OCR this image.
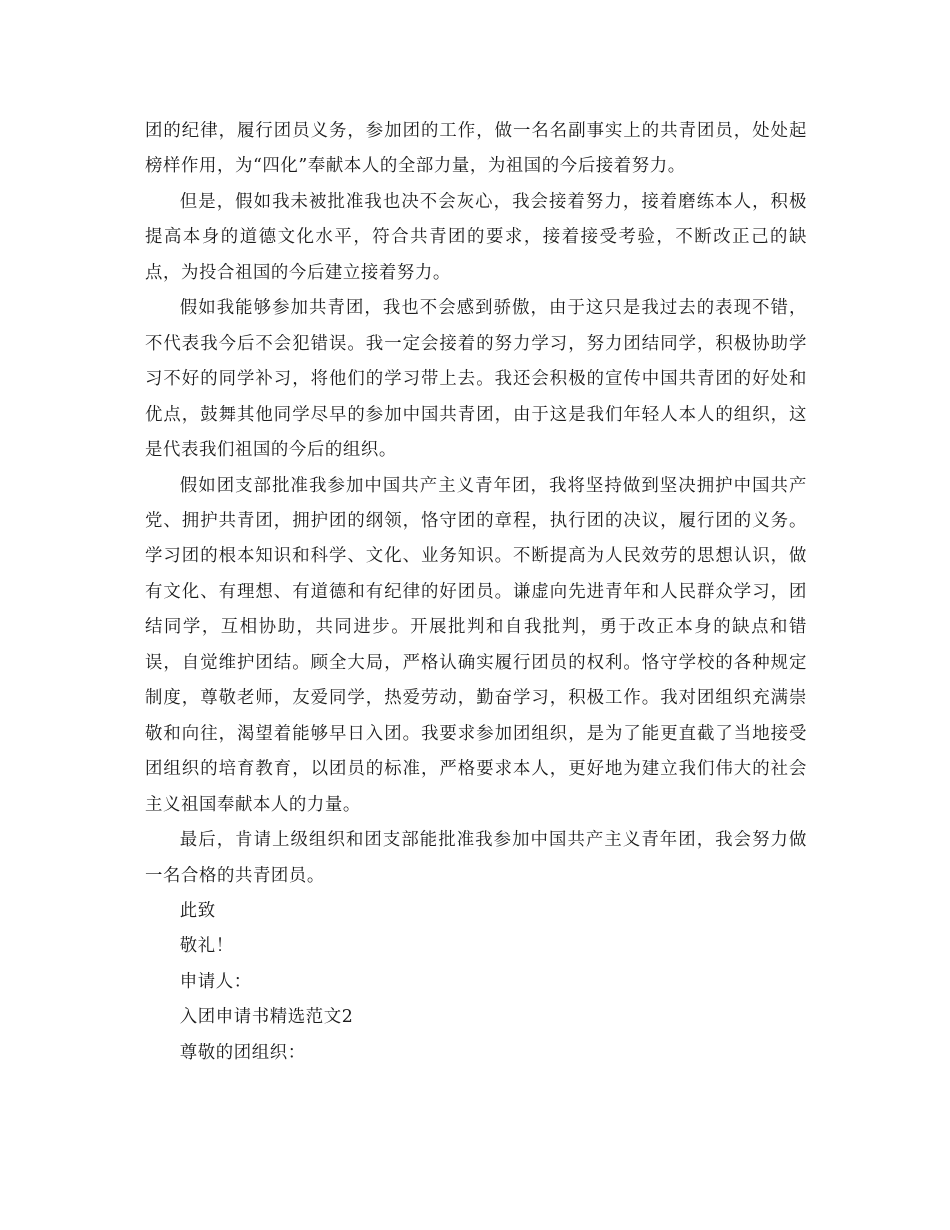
团的纪律，履行团员义务，参加团的工作，做一名名副事实上的共青团员，处处起榜样作用，为“四化”奉献本人的全部力量，为祖国的今后接着努力。

但是，假如我未被批准我也决不会灰心，我会接着努力，接着磨练本人，积极提高本身的道德文化水平，符合共青团的要求，接着接受考验，不断改正己的缺点，为投合祖国的今后建立接着努力。

假如我能够参加共青团，我也不会感到骄傲，由于这只是我过去的表现不错，不代表我今后不会犯错误。我一定会接着的努力学习，努力团结同学，积极协助学习不好的同学补习，将他们的学习带上去。我还会积极的宣传中国共青团的好处和优点，鼓舞其他同学尽早的参加中国共青团，由于这是我们年轻人本人的组织，这是代表我们祖国的今后的组织。

假如团支部批准我参加中国共产主义青年团，我将坚持做到坚决拥护中国共产党、拥护共青团，拥护团的纲领，恪守团的章程，执行团的决议，履行团的义务。学习团的根本知识和科学、文化、业务知识。不断提高为人民效劳的思想认识，做有文化、有理想、有道德和有纪律的好团员。谦虚向先进青年和人民群众学习，团结同学，互相协助，共同进步。开展批判和自我批判，勇于改正本身的缺点和错误，自觉维护团结。顾全大局，严格认确实履行团员的权利。恪守学校的各种规定制度，尊敬老师，友爱同学，热爱劳动，勤奋学习，积极工作。我对团组织充满崇敬和向往，渴望着能够早日入团。我要求参加团组织，是为了能更直截了当地接受团组织的培育教育，以团员的标准，严格要求本人，更好地为建立我们伟大的社会主义祖国奉献本人的力量。

最后，肯请上级组织和团支部能批准我参加中国共产主义青年团，我会努力做一名合格的共青团员。

此致

敬礼！

申请人：

入团申请书精选范文2

尊敬的团组织：
